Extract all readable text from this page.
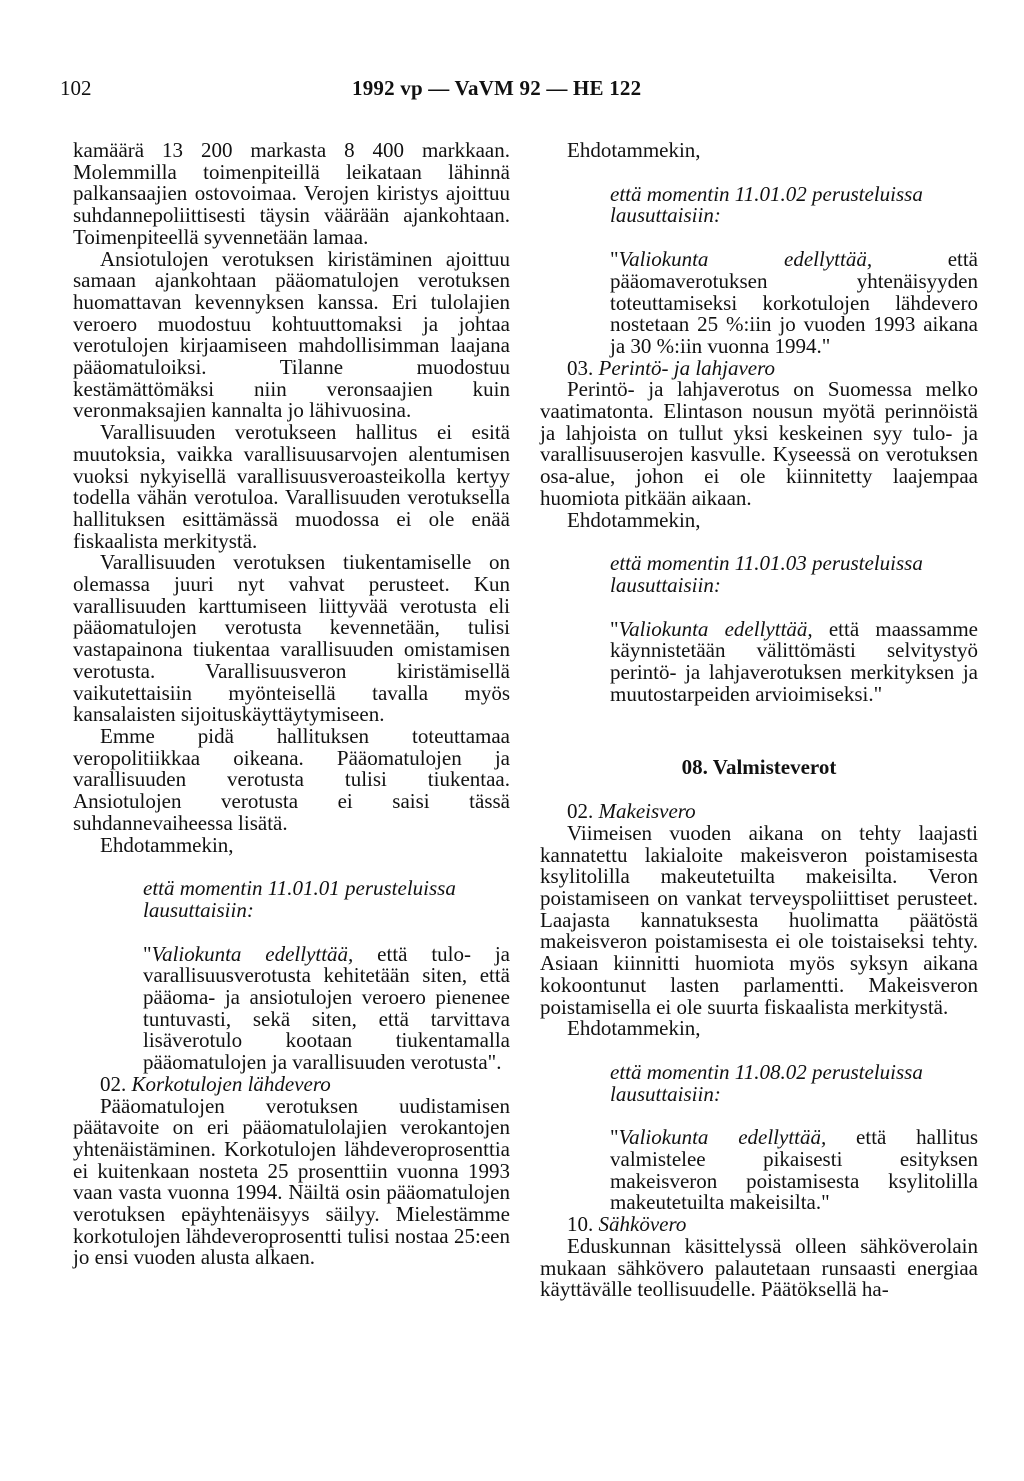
102	1992 vp — VaVM 92 — HE 122

kamäärä 13 200 markasta 8 400 markkaan. Molemmilla toimenpiteillä leikataan lähinnä palkansaajien ostovoimaa. Verojen kiristys ajoittuu suhdannepoliittisesti täysin väärään ajankohtaan. Toimenpiteellä syvennetään lamaa.

Ansiotulojen verotuksen kiristäminen ajoittuu samaan ajankohtaan pääomatulojen verotuksen huomattavan kevennyksen kanssa. Eri tulolajien veroero muodostuu kohtuuttomaksi ja johtaa verotulojen kirjaamiseen mahdollisimman laajana pääomatuloiksi. Tilanne muodostuu kestämättömäksi niin veronsaajien kuin veronmaksajien kannalta jo lähivuosina.

Varallisuuden verotukseen hallitus ei esitä muutoksia, vaikka varallisuusarvojen alentumisen vuoksi nykyisellä varallisuusveroasteikolla kertyy todella vähän verotuloa. Varallisuuden verotuksella hallituksen esittämässä muodossa ei ole enää fiskaalista merkitystä.

Varallisuuden verotuksen tiukentamiselle on olemassa juuri nyt vahvat perusteet. Kun varallisuuden karttumiseen liittyvää verotusta eli pääomatulojen verotusta kevennetään, tulisi vastapainona tiukentaa varallisuuden omistamisen verotusta. Varallisuusveron kiristämisellä vaikutettaisiin myönteisellä tavalla myös kansalaisten sijoituskäyttäytymiseen.

Emme pidä hallituksen toteuttamaa veropolitiikkaa oikeana. Pääomatulojen ja varallisuuden verotusta tulisi tiukentaa. Ansiotulojen verotusta ei saisi tässä suhdannevaiheessa lisätä.

Ehdotammekin,

että momentin 11.01.01 perusteluissa lausuttaisiin:

"Valiokunta edellyttää, että tulo- ja varallisuusverotusta kehitetään siten, että pääoma- ja ansiotulojen veroero pienenee tuntuvasti, sekä siten, että tarvittava lisäverotulo kootaan tiukentamalla pääomatulojen ja varallisuuden verotusta".

02. Korkotulojen lähdevero

Pääomatulojen verotuksen uudistamisen päätavoite on eri pääomatulolajien verokantojen yhtenäistäminen. Korkotulojen lähdeveroprosenttia ei kuitenkaan nosteta 25 prosenttiin vuonna 1993 vaan vasta vuonna 1994. Näiltä osin pääomatulojen verotuksen epäyhtenäisyys säilyy. Mielestämme korkotulojen lähdeveroprosentti tulisi nostaa 25:een jo ensi vuoden alusta alkaen.

Ehdotammekin,

että momentin 11.01.02 perusteluissa lausuttaisiin:

"Valiokunta edellyttää, että pääomaverotuksen yhtenäisyyden toteuttamiseksi korkotulojen lähdevero nostetaan 25 %:iin jo vuoden 1993 aikana ja 30 %:iin vuonna 1994."

03. Perintö- ja lahjavero

Perintö- ja lahjaverotus on Suomessa melko vaatimatonta. Elintason nousun myötä perinnöistä ja lahjoista on tullut yksi keskeinen syy tulo- ja varallisuuserojen kasvulle. Kyseessä on verotuksen osa-alue, johon ei ole kiinnitetty laajempaa huomiota pitkään aikaan.

Ehdotammekin,

että momentin 11.01.03 perusteluissa lausuttaisiin:

"Valiokunta edellyttää, että maassamme käynnistetään välittömästi selvitystyö perintö- ja lahjaverotuksen merkityksen ja muutostarpeiden arvioimiseksi."

08. Valmisteverot

02. Makeisvero

Viimeisen vuoden aikana on tehty laajasti kannatettu lakialoite makeisveron poistamisesta ksylitolilla makeutetuilta makeisilta. Veron poistamiseen on vankat terveyspoliittiset perusteet. Laajasta kannatuksesta huolimatta päätöstä makeisveron poistamisesta ei ole toistaiseksi tehty. Asiaan kiinnitti huomiota myös syksyn aikana kokoontunut lasten parlamentti. Makeisveron poistamisella ei ole suurta fiskaalista merkitystä.

Ehdotammekin,

että momentin 11.08.02 perusteluissa lausuttaisiin:

"Valiokunta edellyttää, että hallitus valmistelee pikaisesti esityksen makeisveron poistamisesta ksylitolilla makeutetuilta makeisilta."

10. Sähkövero

Eduskunnan käsittelyssä olleen sähköverolain mukaan sähkövero palautetaan runsaasti energiaa käyttävälle teollisuudelle. Päätöksellä ha-
